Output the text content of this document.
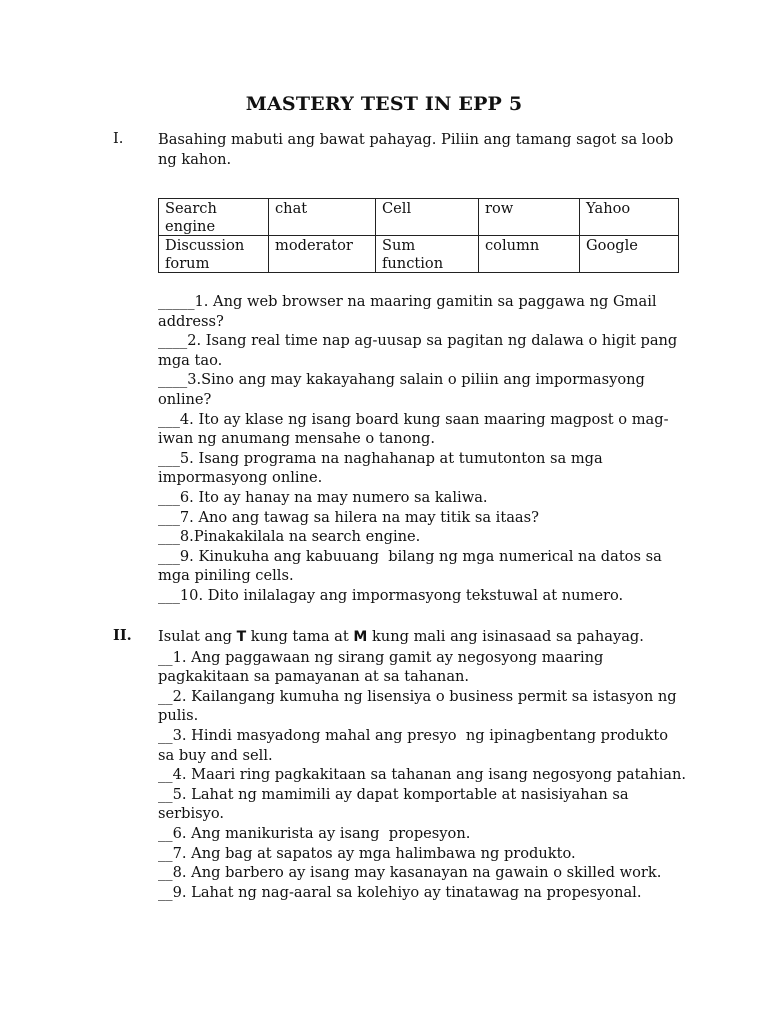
MASTERY TEST IN EPP 5
I. Basahing mabuti ang bawat pahayag. Piliin ang tamang sagot sa loob ng kahon.
Search engine	chat	Cell	row	Yahoo
Discussion forum	moderator	Sum function	column	Google
_____1. Ang web browser na maaring gamitin sa paggawa ng Gmail address?
____2. Isang real time nap ag-uusap sa pagitan ng dalawa o higit pang mga tao.
____3.Sino ang may kakayahang salain o piliin ang impormasyong online?
___4. Ito ay klase ng isang board kung saan maaring magpost o mag-iwan ng anumang mensahe o tanong.
___5. Isang programa na naghahanap at tumutonton sa mga impormasyong online.
___6. Ito ay hanay na may numero sa kaliwa.
___7. Ano ang tawag sa hilera na may titik sa itaas?
___8.Pinakakilala na search engine.
___9. Kinukuha ang kabuuang  bilang ng mga numerical na datos sa mga piniling cells.
___10. Dito inilalagay ang impormasyong tekstuwal at numero.
II. Isulat ang T kung tama at M kung mali ang isinasaad sa pahayag.
__1. Ang paggawaan ng sirang gamit ay negosyong maaring pagkakitaan sa pamayanan at sa tahanan.
__2. Kailangang kumuha ng lisensiya o business permit sa istasyon ng pulis.
__3. Hindi masyadong mahal ang presyo  ng ipinagbentang produkto sa buy and sell.
__4. Maari ring pagkakitaan sa tahanan ang isang negosyong patahian.
__5. Lahat ng mamimili ay dapat komportable at nasisiyahan sa serbisyo.
__6. Ang manikurista ay isang  propesyon.
__7. Ang bag at sapatos ay mga halimbawa ng produkto.
__8. Ang barbero ay isang may kasanayan na gawain o skilled work.
__9. Lahat ng nag-aaral sa kolehiyo ay tinatawag na propesyonal.
